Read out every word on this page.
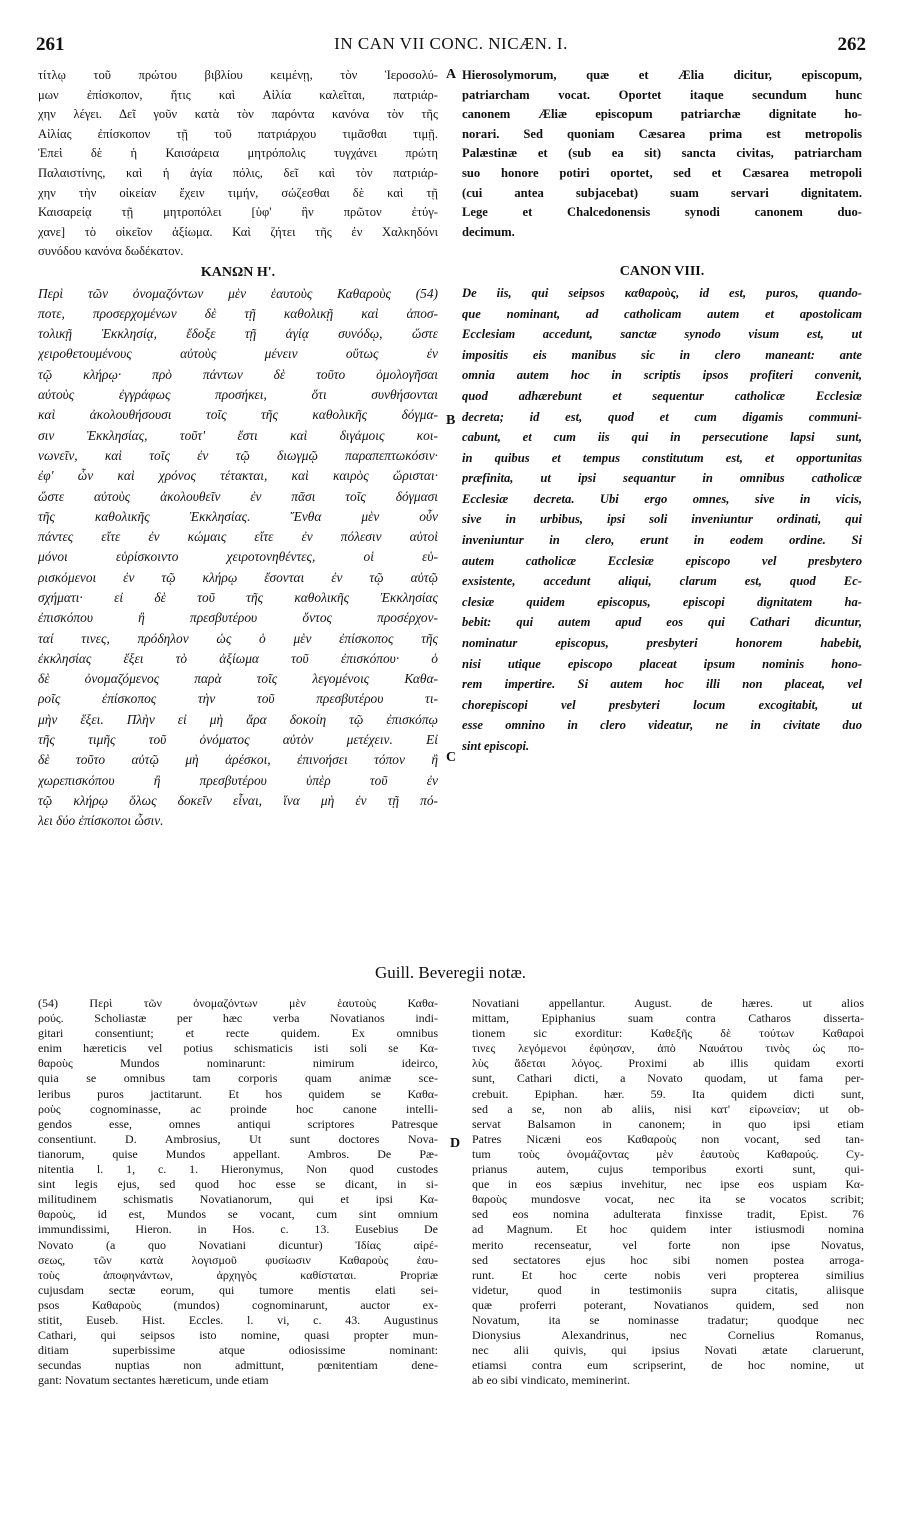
261	IN CAN VII CONC. NICÆN. I.	262
A
B
C
D
τίτλῳ τοῦ πρώτου βιβλίου κειμένῃ, τὸν Ἱεροσολύ-
μων ἐπίσκοπον, ἥτις καὶ Αἰλία καλεῖται, πατριάρ-
χην λέγει. Δεῖ γοῦν κατὰ τὸν παρόντα κανόνα τὸν τῆς
Αἰλίας ἐπίσκοπον τῇ τοῦ πατριάρχου τιμᾶσθαι τιμῇ.
Ἐπεὶ δὲ ἡ Καισάρεια μητρόπολις τυγχάνει πρώτη
Παλαιστίνης, καὶ ἡ ἁγία πόλις, δεῖ καὶ τὸν πατριάρ-
χην τὴν οἰκείαν ἔχειν τιμήν, σώζεσθαι δὲ καὶ τῇ
Καισαρείᾳ τῇ μητροπόλει [ὑφ' ἣν πρῶτον ἐτύγ-
χανε] τὸ οἰκεῖον ἀξίωμα. Καὶ ζήτει τῆς ἐν Χαλκηδόνι
συνόδου κανόνα δωδέκατον.
ΚΑΝΩΝ Η'.
Περὶ τῶν ὀνομαζόντων μὲν ἑαυτοὺς Καθαροὺς (54)
ποτε, προσερχομένων δὲ τῇ καθολικῇ καὶ ἀποσ-
τολικῇ Ἐκκλησίᾳ, ἔδοξε τῇ ἁγίᾳ συνόδῳ, ὥστε
χειροθετουμένους αὐτοὺς μένειν οὕτως ἐν
τῷ κλήρῳ· πρὸ πάντων δὲ τοῦτο ὁμολογῆσαι
αὐτοὺς ἐγγράφως προσήκει, ὅτι συνθήσονται
καὶ ἀκολουθήσουσι τοῖς τῆς καθολικῆς δόγμα-
σιν Ἐκκλησίας, τοῦτ' ἔστι καὶ διγάμοις κοι-
νωνεῖν, καὶ τοῖς ἐν τῷ διωγμῷ παραπεπτωκόσιν·
ἐφ' ὧν καὶ χρόνος τέτακται, καὶ καιρὸς ὥρισται·
ὥστε αὐτοὺς ἀκολουθεῖν ἐν πᾶσι τοῖς δόγμασι
τῆς καθολικῆς Ἐκκλησίας. Ἔνθα μὲν οὖν
πάντες εἴτε ἐν κώμαις εἴτε ἐν πόλεσιν αὐτοὶ
μόνοι εὑρίσκοιντο χειροτονηθέντες, οἱ εὑ-
ρισκόμενοι ἐν τῷ κλήρῳ ἔσονται ἐν τῷ αὐτῷ
σχήματι· εἰ δὲ τοῦ τῆς καθολικῆς Ἐκκλησίας
ἐπισκόπου ἢ πρεσβυτέρου ὄντος προσέρχον-
ταί τινες, πρόδηλον ὡς ὁ μὲν ἐπίσκοπος τῆς
ἐκκλησίας ἕξει τὸ ἀξίωμα τοῦ ἐπισκόπου· ὁ
δὲ ὀνομαζόμενος παρὰ τοῖς λεγομένοις Καθα-
ροῖς ἐπίσκοπος τὴν τοῦ πρεσβυτέρου τι-
μὴν ἕξει. Πλὴν εἰ μὴ ἄρα δοκοίη τῷ ἐπισκόπῳ
τῆς τιμῆς τοῦ ὀνόματος αὐτὸν μετέχειν. Εἰ
δὲ τοῦτο αὐτῷ μὴ ἀρέσκοι, ἐπινοήσει τόπον ἢ
χωρεπισκόπου ἢ πρεσβυτέρου ὑπὲρ τοῦ ἐν
τῷ κλήρῳ ὅλως δοκεῖν εἶναι, ἵνα μὴ ἐν τῇ πό-
λει δύο ἐπίσκοποι ὦσιν.
Hierosolymorum, quæ et Ælia dicitur, episcopum,
patriarcham vocat. Oportet itaque secundum hunc
canonem Æliæ episcopum patriarchæ dignitate ho-
norari. Sed quoniam Cæsarea prima est metropolis
Palæstinæ et (sub ea sit) sancta civitas, patriarcham
suo honore potiri oportet, sed et Cæsarea metropoli
(cui antea subjacebat) suam servari dignitatem.
Lege et Chalcedonensis synodi canonem duo-
decimum.
CANON VIII.
De iis, qui seipsos καθαροὺς, id est, puros, quando-
que nominant, ad catholicam autem et apostolicam
Ecclesiam accedunt, sanctæ synodo visum est, ut
impositis eis manibus sic in clero maneant: ante
omnia autem hoc in scriptis ipsos profiteri convenit,
quod adhærebunt et sequentur catholicæ Ecclesiæ
decreta; id est, quod et cum digamis communi-
cabunt, et cum iis qui in persecutione lapsi sunt,
in quibus et tempus constitutum est, et opportunitas
præfinita, ut ipsi sequantur in omnibus catholicæ
Ecclesiæ decreta. Ubi ergo omnes, sive in vicis,
sive in urbibus, ipsi soli inveniuntur ordinati, qui
inveniuntur in clero, erunt in eodem ordine. Si
autem catholicæ Ecclesiæ episcopo vel presbytero
exsistente, accedunt aliqui, clarum est, quod Ec-
clesiæ quidem episcopus, episcopi dignitatem ha-
bebit: qui autem apud eos qui Cathari dicuntur,
nominatur episcopus, presbyteri honorem habebit,
nisi utique episcopo placeat ipsum nominis hono-
rem impertire. Si autem hoc illi non placeat, vel
chorepiscopi vel presbyteri locum excogitabit, ut
esse omnino in clero videatur, ne in civitate duo
sint episcopi.
Guill. Beveregii notæ.
(54) Περὶ τῶν ὀνομαζόντων μὲν ἑαυτοὺς Καθα-
ρούς. Scholiastæ per hæc verba Novatianos indi-
gitari consentiunt; et recte quidem. Ex omnibus
enim hæreticis vel potius schismaticis isti soli se Κα-
θαροὺς Mundos nominarunt: nimirum ideirco,
quia se omnibus tam corporis quam animæ sce-
leribus puros jactitarunt. Et hos quidem se Καθα-
ροὺς cognominasse, ac proinde hoc canone intelli-
gendos esse, omnes antiqui scriptores Patresque
consentiunt. D. Ambrosius, Ut sunt doctores Nova-
tianorum, quise Mundos appellant. Ambros. De Pæ-
nitentia l. 1, c. 1. Hieronymus, Non quod custodes
sint legis ejus, sed quod hoc esse se dicant, in si-
militudinem schismatis Novatianorum, qui et ipsi Κα-
θαροὺς, id est, Mundos se vocant, cum sint omnium
immundissimi, Hieron. in Hos. c. 13. Eusebius De
Novato (a quo Novatiani dicuntur) Ἰδίας αἱρέ-
σεως, τῶν κατὰ λογισμοῦ φυσίωσιν Καθαροὺς ἑαυ-
τοὺς ἀποφηνάντων, ἀρχηγὸς καθίσταται. Propriæ
cujusdam sectæ eorum, qui tumore mentis elati sei-
psos Καθαροὺς (mundos) cognominarunt, auctor ex-
stitit, Euseb. Hist. Eccles. l. vi, c. 43. Augustinus
Cathari, qui seipsos isto nomine, quasi propter mun-
ditiam superbissime atque odiosissime nominant:
secundas nuptias non admittunt, pœnitentiam dene-
gant: Novatum sectantes hæreticum, unde etiam
Novatiani appellantur. August. de hæres. ut alios
mittam, Epiphanius suam contra Catharos disserta-
tionem sic exorditur: Καθεξῆς δὲ τούτων Καθαροὶ
τινες λεγόμενοι ἐφύησαν, ἀπὸ Ναυάτου τινὸς ὡς πο-
λὺς ἄδεται λόγος. Proximi ab illis quidam exorti
sunt, Cathari dicti, a Novato quodam, ut fama per-
crebuit. Epiphan. hær. 59. Ita quidem dicti sunt,
sed a se, non ab aliis, nisi κατ' εἰρωνείαν; ut ob-
servat Balsamon in canonem; in quo ipsi etiam
Patres Nicæni eos Καθαροὺς non vocant, sed tan-
tum τοὺς ὀνομάζοντας μὲν ἑαυτοὺς Καθαρούς. Cy-
prianus autem, cujus temporibus exorti sunt, qui-
que in eos sæpius invehitur, nec ipse eos uspiam Κα-
θαροὺς mundosve vocat, nec ita se vocatos scribit;
sed eos nomina adulterata finxisse tradit, Epist. 76
ad Magnum. Et hoc quidem inter istiusmodi nomina
merito recenseatur, vel forte non ipse Novatus,
sed sectatores ejus hoc sibi nomen postea arroga-
runt. Et hoc certe nobis veri propterea similius
videtur, quod in testimoniis supra citatis, aliisque
quæ proferri poterant, Novatianos quidem, sed non
Novatum, ita se nominasse tradatur; quodque nec
Dionysius Alexandrinus, nec Cornelius Romanus,
nec alii quivis, qui ipsius Novati ætate claruerunt,
etiamsi contra eum scripserint, de hoc nomine, ut
ab eo sibi vindicato, meminerint.
